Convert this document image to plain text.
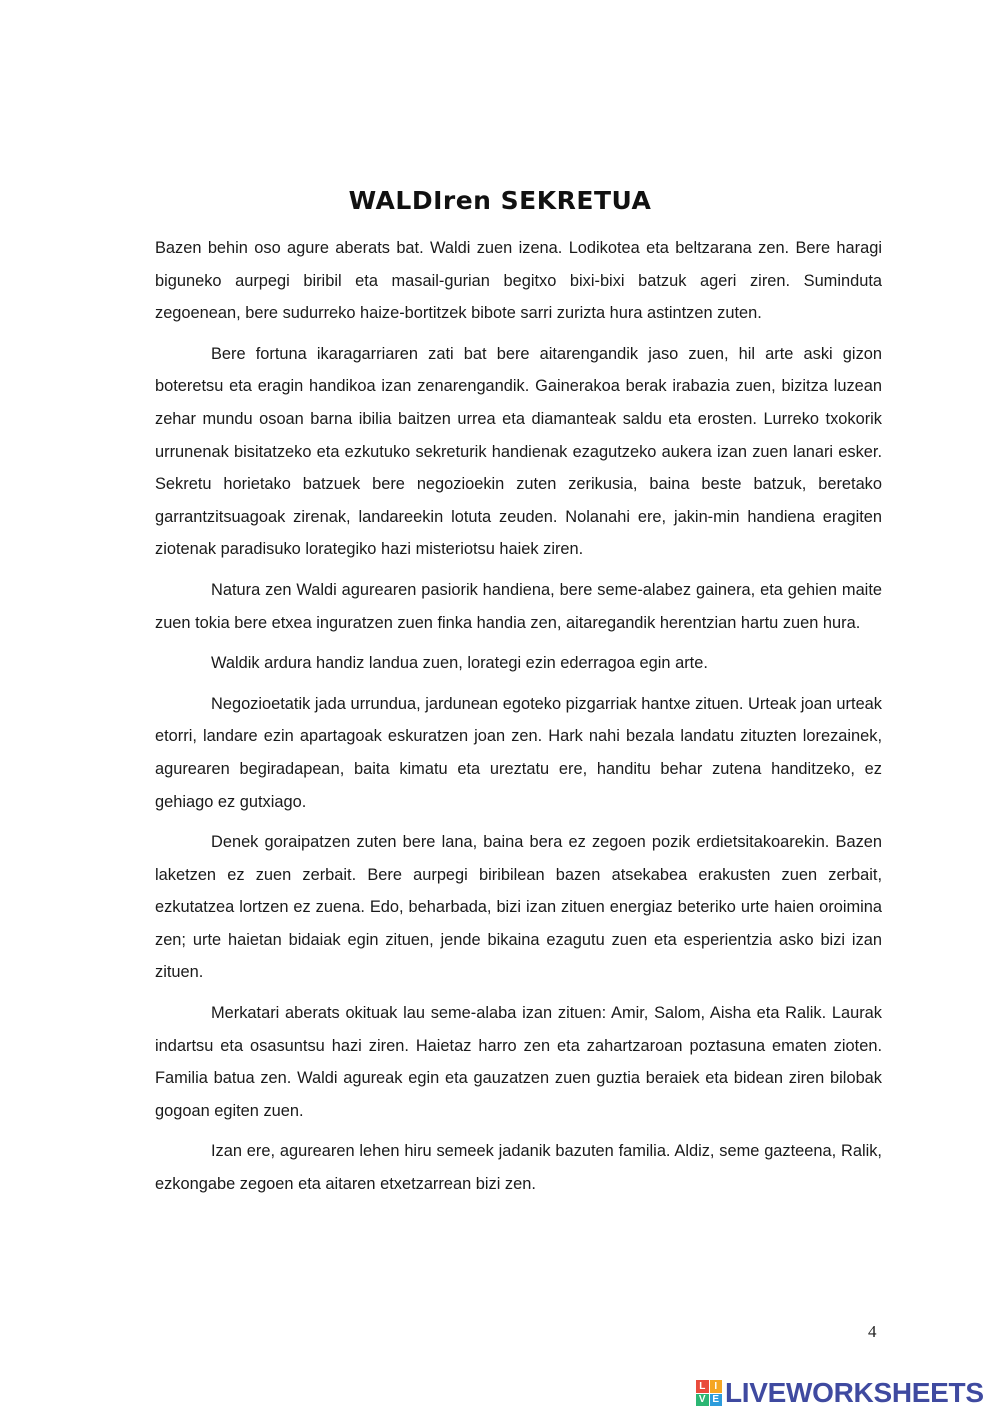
WALDIren SEKRETUA

Bazen behin oso agure aberats bat. Waldi zuen izena. Lodikotea eta beltzarana zen. Bere haragi biguneko aurpegi biribil eta masail-gurian begitxo bixi-bixi batzuk ageri ziren. Suminduta zegoenean, bere sudurreko haize-bortitzek bibote sarri zurizta hura astintzen zuten.

Bere fortuna ikaragarriaren zati bat bere aitarengandik jaso zuen, hil arte aski gizon boteretsu eta eragin handikoa izan zenarengandik. Gainerakoa berak irabazia zuen, bizitza luzean zehar mundu osoan barna ibilia baitzen urrea eta diamanteak saldu eta erosten. Lurreko txokorik urrunenak bisitatzeko eta ezkutuko sekreturik handienak ezagutzeko aukera izan zuen lanari esker. Sekretu horietako batzuek bere negozioekin zuten zerikusia, baina beste batzuk, beretako garrantzitsuagoak zirenak, landareekin lotuta zeuden. Nolanahi ere, jakin-min handiena eragiten ziotenak paradisuko lorategiko hazi misteriotsu haiek ziren.

Natura zen Waldi agurearen pasiorik handiena, bere seme-alabez gainera, eta gehien maite zuen tokia bere etxea inguratzen zuen finka handia zen, aitaregandik herentzian hartu zuen hura.

Waldik ardura handiz landua zuen, lorategi ezin ederragoa egin arte.

Negozioetatik jada urrundua, jardunean egoteko pizgarriak hantxe zituen. Urteak joan urteak etorri, landare ezin apartagoak eskuratzen joan zen. Hark nahi bezala landatu zituzten lorezainek, agurearen begiradapean, baita kimatu eta ureztatu ere, handitu behar zutena handitzeko, ez gehiago ez gutxiago.

Denek goraipatzen zuten bere lana, baina bera ez zegoen pozik erdietsitakoarekin. Bazen laketzen ez zuen zerbait. Bere aurpegi biribilean bazen atsekabea erakusten zuen zerbait, ezkutatzea lortzen ez zuena. Edo, beharbada, bizi izan zituen energiaz beteriko urte haien oroimina zen; urte haietan bidaiak egin zituen, jende bikaina ezagutu zuen eta esperientzia asko bizi izan zituen.

Merkatari aberats okituak lau seme-alaba izan zituen: Amir, Salom, Aisha eta Ralik. Laurak indartsu eta osasuntsu hazi ziren. Haietaz harro zen eta zahartzaroan poztasuna ematen zioten. Familia batua zen. Waldi agureak egin eta gauzatzen zuen guztia beraiek eta bidean ziren bilobak gogoan egiten zuen.

Izan ere, agurearen lehen hiru semeek jadanik bazuten familia. Aldiz, seme gazteena, Ralik, ezkongabe zegoen eta aitaren etxetzarrean bizi zen.

4
L I
V E LIVEWORKSHEETS
